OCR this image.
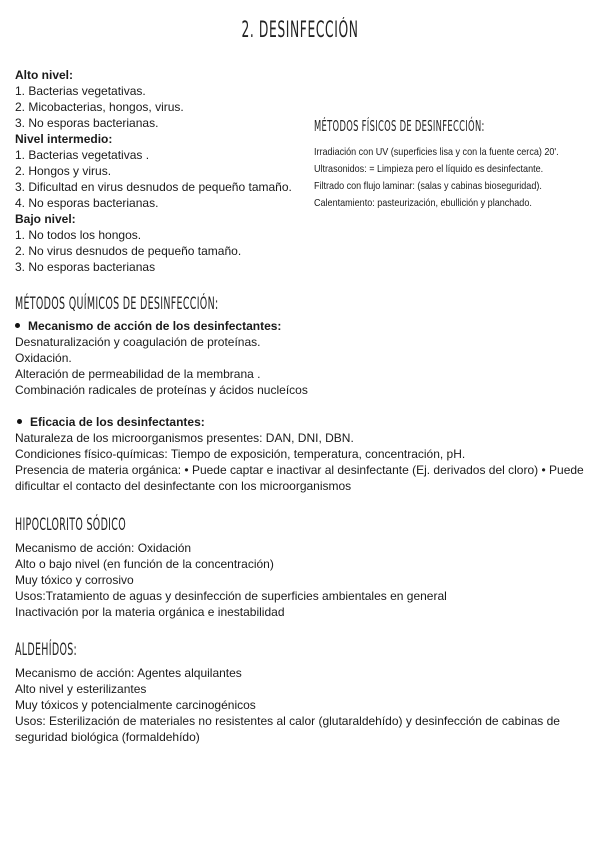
2. DESINFECCIÓN
Alto nivel:
1. Bacterias vegetativas.
2. Micobacterias, hongos, virus.
3. No esporas bacterianas.
Nivel intermedio:
1. Bacterias vegetativas .
2. Hongos y virus.
3. Dificultad en virus desnudos de pequeño tamaño.
4. No esporas bacterianas.
Bajo nivel:
1. No todos los hongos.
2. No virus desnudos de pequeño tamaño.
3. No esporas bacterianas
MÉTODOS FÍSICOS DE DESINFECCIÓN:
Irradiación con UV (superficies lisa y con la fuente cerca) 20'.
Ultrasonidos: = Limpieza pero el líquido es desinfectante.
Filtrado con flujo laminar: (salas y cabinas bioseguridad).
Calentamiento: pasteurización, ebullición y planchado.
MÉTODOS QUÍMICOS DE DESINFECCIÓN:
Mecanismo de acción de los desinfectantes:
Desnaturalización y coagulación de proteínas.
Oxidación.
Alteración de permeabilidad de la membrana .
Combinación radicales de proteínas y ácidos nucleícos
Eficacia de los desinfectantes:
Naturaleza de los microorganismos presentes: DAN, DNI, DBN.
Condiciones físico-químicas: Tiempo de exposición, temperatura, concentración, pH.
Presencia de materia orgánica: • Puede captar e inactivar al desinfectante (Ej. derivados del cloro) • Puede dificultar el contacto del desinfectante con los microorganismos
HIPOCLORITO SÓDICO
Mecanismo de acción: Oxidación
Alto o bajo nivel (en función de la concentración)
Muy tóxico y corrosivo
Usos:Tratamiento de aguas y desinfección de superficies ambientales en general
Inactivación por la materia orgánica e inestabilidad
ALDEHÍDOS:
Mecanismo de acción: Agentes alquilantes
Alto nivel y esterilizantes
Muy tóxicos y potencialmente carcinogénicos
Usos: Esterilización de materiales no resistentes al calor (glutaraldehído) y desinfección de cabinas de seguridad biológica (formaldehído)
